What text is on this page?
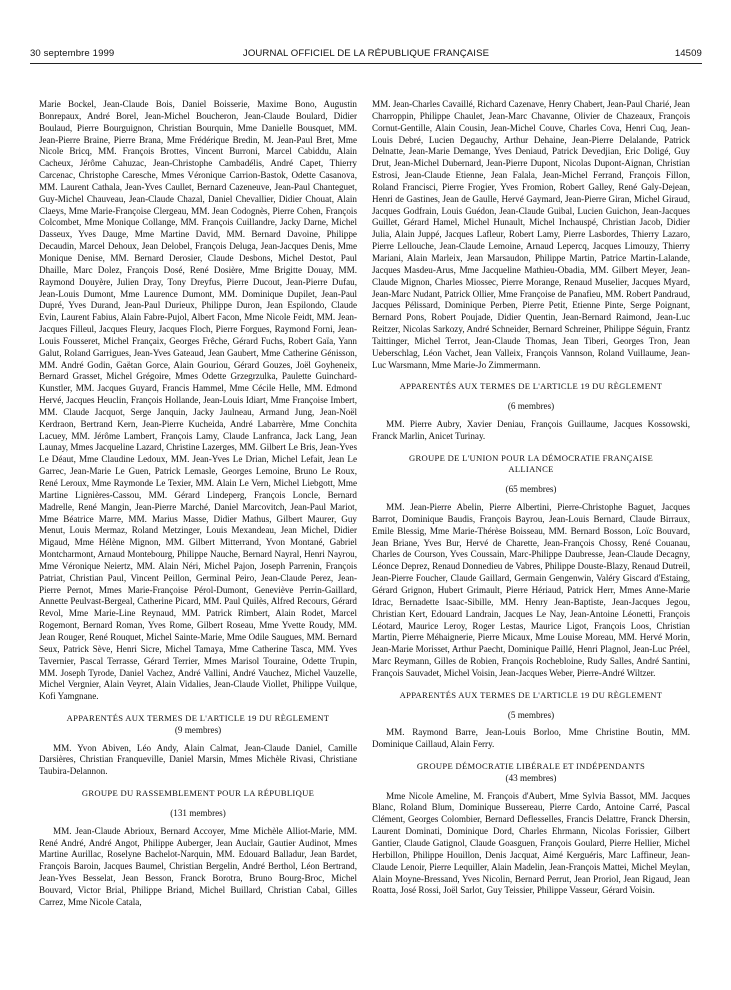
30 septembre 1999	JOURNAL OFFICIEL DE LA RÉPUBLIQUE FRANÇAISE	14509

Marie Bockel, Jean-Claude Bois, Daniel Boisserie, Maxime Bono, Augustin Bonrepaux, André Borel, Jean-Michel Boucheron, Jean-Claude Boulard, Didier Boulaud, Pierre Bourguignon, Christian Bourquin, Mme Danielle Bousquet, MM. Jean-Pierre Braine, Pierre Brana, Mme Frédérique Bredin, M. Jean-Paul Bret, Mme Nicole Bricq, MM. François Brottes, Vincent Burroni, Marcel Cabiddu, Alain Cacheux, Jérôme Cahuzac, Jean-Christophe Cambadélis, André Capet, Thierry Carcenac, Christophe Caresche, Mmes Véronique Carrion-Bastok, Odette Casanova, MM. Laurent Cathala, Jean-Yves Caullet, Bernard Cazeneuve, Jean-Paul Chanteguet, Guy-Michel Chauveau, Jean-Claude Chazal, Daniel Chevallier, Didier Chouat, Alain Claeys, Mme Marie-Françoise Clergeau, MM. Jean Codognès, Pierre Cohen, François Colcombet, Mme Monique Collange, MM. François Cuillandre, Jacky Darne, Michel Dasseux, Yves Dauge, Mme Martine David, MM. Bernard Davoine, Philippe Decaudin, Marcel Dehoux, Jean Delobel, François Deluga, Jean-Jacques Denis, Mme Monique Denise, MM. Bernard Derosier, Claude Desbons, Michel Destot, Paul Dhaille, Marc Dolez, François Dosé, René Dosière, Mme Brigitte Douay, MM. Raymond Douyère, Julien Dray, Tony Dreyfus, Pierre Ducout, Jean-Pierre Dufau, Jean-Louis Dumont, Mme Laurence Dumont, MM. Dominique Dupilet, Jean-Paul Dupré, Yves Durand, Jean-Paul Durieux, Philippe Duron, Jean Espilondo, Claude Evin, Laurent Fabius, Alain Fabre-Pujol, Albert Facon, Mme Nicole Feidt, MM. Jean-Jacques Filleul, Jacques Fleury, Jacques Floch, Pierre Forgues, Raymond Forni, Jean-Louis Fousseret, Michel Françaix, Georges Frêche, Gérard Fuchs, Robert Gaïa, Yann Galut, Roland Garrigues, Jean-Yves Gateaud, Jean Gaubert, Mme Catherine Génisson, MM. André Godin, Gaëtan Gorce, Alain Gouriou, Gérard Gouzes, Joël Goyheneix, Bernard Grasset, Michel Grégoire, Mmes Odette Grzegrzulka, Paulette Guinchard-Kunstler, MM. Jacques Guyard, Francis Hammel, Mme Cécile Helle, MM. Edmond Hervé, Jacques Heuclin, François Hollande, Jean-Louis Idiart, Mme Françoise Imbert, MM. Claude Jacquot, Serge Janquin, Jacky Jaulneau, Armand Jung, Jean-Noël Kerdraon, Bertrand Kern, Jean-Pierre Kucheida, André Labarrère, Mme Conchita Lacuey, MM. Jérôme Lambert, François Lamy, Claude Lanfranca, Jack Lang, Jean Launay, Mmes Jacqueline Lazard, Christine Lazerges, MM. Gilbert Le Bris, Jean-Yves Le Déaut, Mme Claudine Ledoux, MM. Jean-Yves Le Drian, Michel Lefait, Jean Le Garrec, Jean-Marie Le Guen, Patrick Lemasle, Georges Lemoine, Bruno Le Roux, René Leroux, Mme Raymonde Le Texier, MM. Alain Le Vern, Michel Liebgott, Mme Martine Lignières-Cassou, MM. Gérard Lindeperg, François Loncle, Bernard Madrelle, René Mangin, Jean-Pierre Marché, Daniel Marcovitch, Jean-Paul Mariot, Mme Béatrice Marre, MM. Marius Masse, Didier Mathus, Gilbert Maurer, Guy Menut, Louis Mermaz, Roland Metzinger, Louis Mexandeau, Jean Michel, Didier Migaud, Mme Hélène Mignon, MM. Gilbert Mitterrand, Yvon Montané, Gabriel Montcharmont, Arnaud Montebourg, Philippe Nauche, Bernard Nayral, Henri Nayrou, Mme Véronique Neiertz, MM. Alain Néri, Michel Pajon, Joseph Parrenin, François Patriat, Christian Paul, Vincent Peillon, Germinal Peiro, Jean-Claude Perez, Jean-Pierre Pernot, Mmes Marie-Françoise Pérol-Dumont, Geneviève Perrin-Gaillard, Annette Peulvast-Bergeal, Catherine Picard, MM. Paul Quilès, Alfred Recours, Gérard Revol, Mme Marie-Line Reynaud, MM. Patrick Rimbert, Alain Rodet, Marcel Rogemont, Bernard Roman, Yves Rome, Gilbert Roseau, Mme Yvette Roudy, MM. Jean Rouger, René Rouquet, Michel Sainte-Marie, Mme Odile Saugues, MM. Bernard Seux, Patrick Sève, Henri Sicre, Michel Tamaya, Mme Catherine Tasca, MM. Yves Tavernier, Pascal Terrasse, Gérard Terrier, Mmes Marisol Touraine, Odette Trupin, MM. Joseph Tyrode, Daniel Vachez, André Vallini, André Vauchez, Michel Vauzelle, Michel Vergnier, Alain Veyret, Alain Vidalies, Jean-Claude Viollet, Philippe Vuilque, Kofi Yamgnane.

APPARENTÉS AUX TERMES DE L'ARTICLE 19 DU RÈGLEMENT

(9 membres)

MM. Yvon Abiven, Léo Andy, Alain Calmat, Jean-Claude Daniel, Camille Darsières, Christian Franqueville, Daniel Marsin, Mmes Michèle Rivasi, Christiane Taubira-Delannon.

GROUPE DU RASSEMBLEMENT POUR LA RÉPUBLIQUE

(131 membres)

MM. Jean-Claude Abrioux, Bernard Accoyer, Mme Michèle Alliot-Marie, MM. René André, André Angot, Philippe Auberger, Jean Auclair, Gautier Audinot, Mmes Martine Aurillac, Roselyne Bachelot-Narquin, MM. Edouard Balladur, Jean Bardet, François Baroin, Jacques Baumel, Christian Bergelin, André Berthol, Léon Bertrand, Jean-Yves Besselat, Jean Besson, Franck Borotra, Bruno Bourg-Broc, Michel Bouvard, Victor Brial, Philippe Briand, Michel Buillard, Christian Cabal, Gilles Carrez, Mme Nicole Catala,

MM. Jean-Charles Cavaillé, Richard Cazenave, Henry Chabert, Jean-Paul Charié, Jean Charroppin, Philippe Chaulet, Jean-Marc Chavanne, Olivier de Chazeaux, François Cornut-Gentille, Alain Cousin, Jean-Michel Couve, Charles Cova, Henri Cuq, Jean-Louis Debré, Lucien Degauchy, Arthur Dehaine, Jean-Pierre Delalande, Patrick Delnatte, Jean-Marie Demange, Yves Deniaud, Patrick Devedjian, Eric Doligé, Guy Drut, Jean-Michel Dubernard, Jean-Pierre Dupont, Nicolas Dupont-Aignan, Christian Estrosi, Jean-Claude Etienne, Jean Falala, Jean-Michel Ferrand, François Fillon, Roland Francisci, Pierre Frogier, Yves Fromion, Robert Galley, René Galy-Dejean, Henri de Gastines, Jean de Gaulle, Hervé Gaymard, Jean-Pierre Giran, Michel Giraud, Jacques Godfrain, Louis Guédon, Jean-Claude Guibal, Lucien Guichon, Jean-Jacques Guillet, Gérard Hamel, Michel Hunault, Michel Inchauspé, Christian Jacob, Didier Julia, Alain Juppé, Jacques Lafleur, Robert Lamy, Pierre Lasbordes, Thierry Lazaro, Pierre Lellouche, Jean-Claude Lemoine, Arnaud Lepercq, Jacques Limouzy, Thierry Mariani, Alain Marleix, Jean Marsaudon, Philippe Martin, Patrice Martin-Lalande, Jacques Masdeu-Arus, Mme Jacqueline Mathieu-Obadia, MM. Gilbert Meyer, Jean-Claude Mignon, Charles Miossec, Pierre Morange, Renaud Muselier, Jacques Myard, Jean-Marc Nudant, Patrick Ollier, Mme Françoise de Panafieu, MM. Robert Pandraud, Jacques Pélissard, Dominique Perben, Pierre Petit, Etienne Pinte, Serge Poignant, Bernard Pons, Robert Poujade, Didier Quentin, Jean-Bernard Raimond, Jean-Luc Reitzer, Nicolas Sarkozy, André Schneider, Bernard Schreiner, Philippe Séguin, Frantz Taittinger, Michel Terrot, Jean-Claude Thomas, Jean Tiberi, Georges Tron, Jean Ueberschlag, Léon Vachet, Jean Valleix, François Vannson, Roland Vuillaume, Jean-Luc Warsmann, Mme Marie-Jo Zimmermann.

APPARENTÉS AUX TERMES DE L'ARTICLE 19 DU RÈGLEMENT

(6 membres)

MM. Pierre Aubry, Xavier Deniau, François Guillaume, Jacques Kossowski, Franck Marlin, Anicet Turinay.

GROUPE DE L'UNION POUR LA DÉMOCRATIE FRANÇAISE

ALLIANCE

(65 membres)

MM. Jean-Pierre Abelin, Pierre Albertini, Pierre-Christophe Baguet, Jacques Barrot, Dominique Baudis, François Bayrou, Jean-Louis Bernard, Claude Birraux, Emile Blessig, Mme Marie-Thérèse Boisseau, MM. Bernard Bosson, Loïc Bouvard, Jean Briane, Yves Bur, Hervé de Charette, Jean-François Chossy, René Couanau, Charles de Courson, Yves Coussain, Marc-Philippe Daubresse, Jean-Claude Decagny, Léonce Deprez, Renaud Donnedieu de Vabres, Philippe Douste-Blazy, Renaud Dutreil, Jean-Pierre Foucher, Claude Gaillard, Germain Gengenwin, Valéry Giscard d'Estaing, Gérard Grignon, Hubert Grimault, Pierre Hériaud, Patrick Herr, Mmes Anne-Marie Idrac, Bernadette Isaac-Sibille, MM. Henry Jean-Baptiste, Jean-Jacques Jegou, Christian Kert, Edouard Landrain, Jacques Le Nay, Jean-Antoine Léonetti, François Léotard, Maurice Leroy, Roger Lestas, Maurice Ligot, François Loos, Christian Martin, Pierre Méhaignerie, Pierre Micaux, Mme Louise Moreau, MM. Hervé Morin, Jean-Marie Morisset, Arthur Paecht, Dominique Paillé, Henri Plagnol, Jean-Luc Préel, Marc Reymann, Gilles de Robien, François Rochebloine, Rudy Salles, André Santini, François Sauvadet, Michel Voisin, Jean-Jacques Weber, Pierre-André Wiltzer.

APPARENTÉS AUX TERMES DE L'ARTICLE 19 DU RÈGLEMENT

(5 membres)

MM. Raymond Barre, Jean-Louis Borloo, Mme Christine Boutin, MM. Dominique Caillaud, Alain Ferry.

GROUPE DÉMOCRATIE LIBÉRALE ET INDÉPENDANTS

(43 membres)

Mme Nicole Ameline, M. François d'Aubert, Mme Sylvia Bassot, MM. Jacques Blanc, Roland Blum, Dominique Bussereau, Pierre Cardo, Antoine Carré, Pascal Clément, Georges Colombier, Bernard Deflesselles, Francis Delattre, Franck Dhersin, Laurent Dominati, Dominique Dord, Charles Ehrmann, Nicolas Forissier, Gilbert Gantier, Claude Gatignol, Claude Goasguen, François Goulard, Pierre Hellier, Michel Herbillon, Philippe Houillon, Denis Jacquat, Aimé Kerguéris, Marc Laffineur, Jean-Claude Lenoir, Pierre Lequiller, Alain Madelin, Jean-François Mattei, Michel Meylan, Alain Moyne-Bressand, Yves Nicolin, Bernard Perrut, Jean Proriol, Jean Rigaud, Jean Roatta, José Rossi, Joël Sarlot, Guy Teissier, Philippe Vasseur, Gérard Voisin.
